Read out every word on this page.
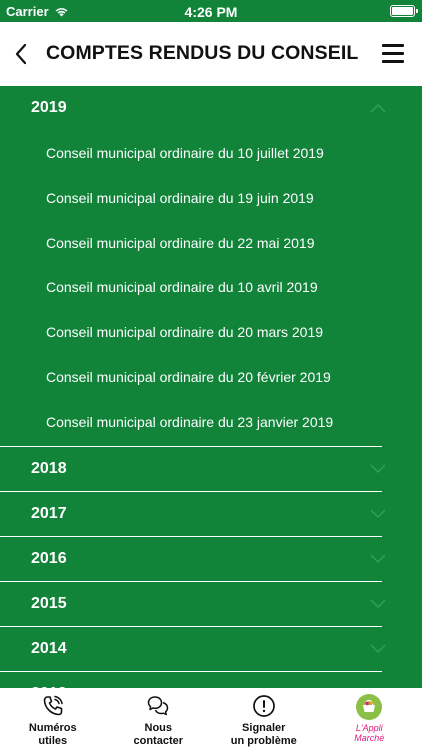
Carrier	4:26 PM
COMPTES RENDUS DU CONSEIL
2019
Conseil municipal ordinaire du 10 juillet 2019
Conseil municipal ordinaire du 19 juin 2019
Conseil municipal ordinaire du 22 mai 2019
Conseil municipal ordinaire du 10 avril 2019
Conseil municipal ordinaire du 20 mars 2019
Conseil municipal ordinaire du 20 février 2019
Conseil municipal ordinaire du 23 janvier 2019
2018
2017
2016
2015
2014
Numéros
utiles
Nous
contacter
Signaler
un problème
L'Appli
Marché
